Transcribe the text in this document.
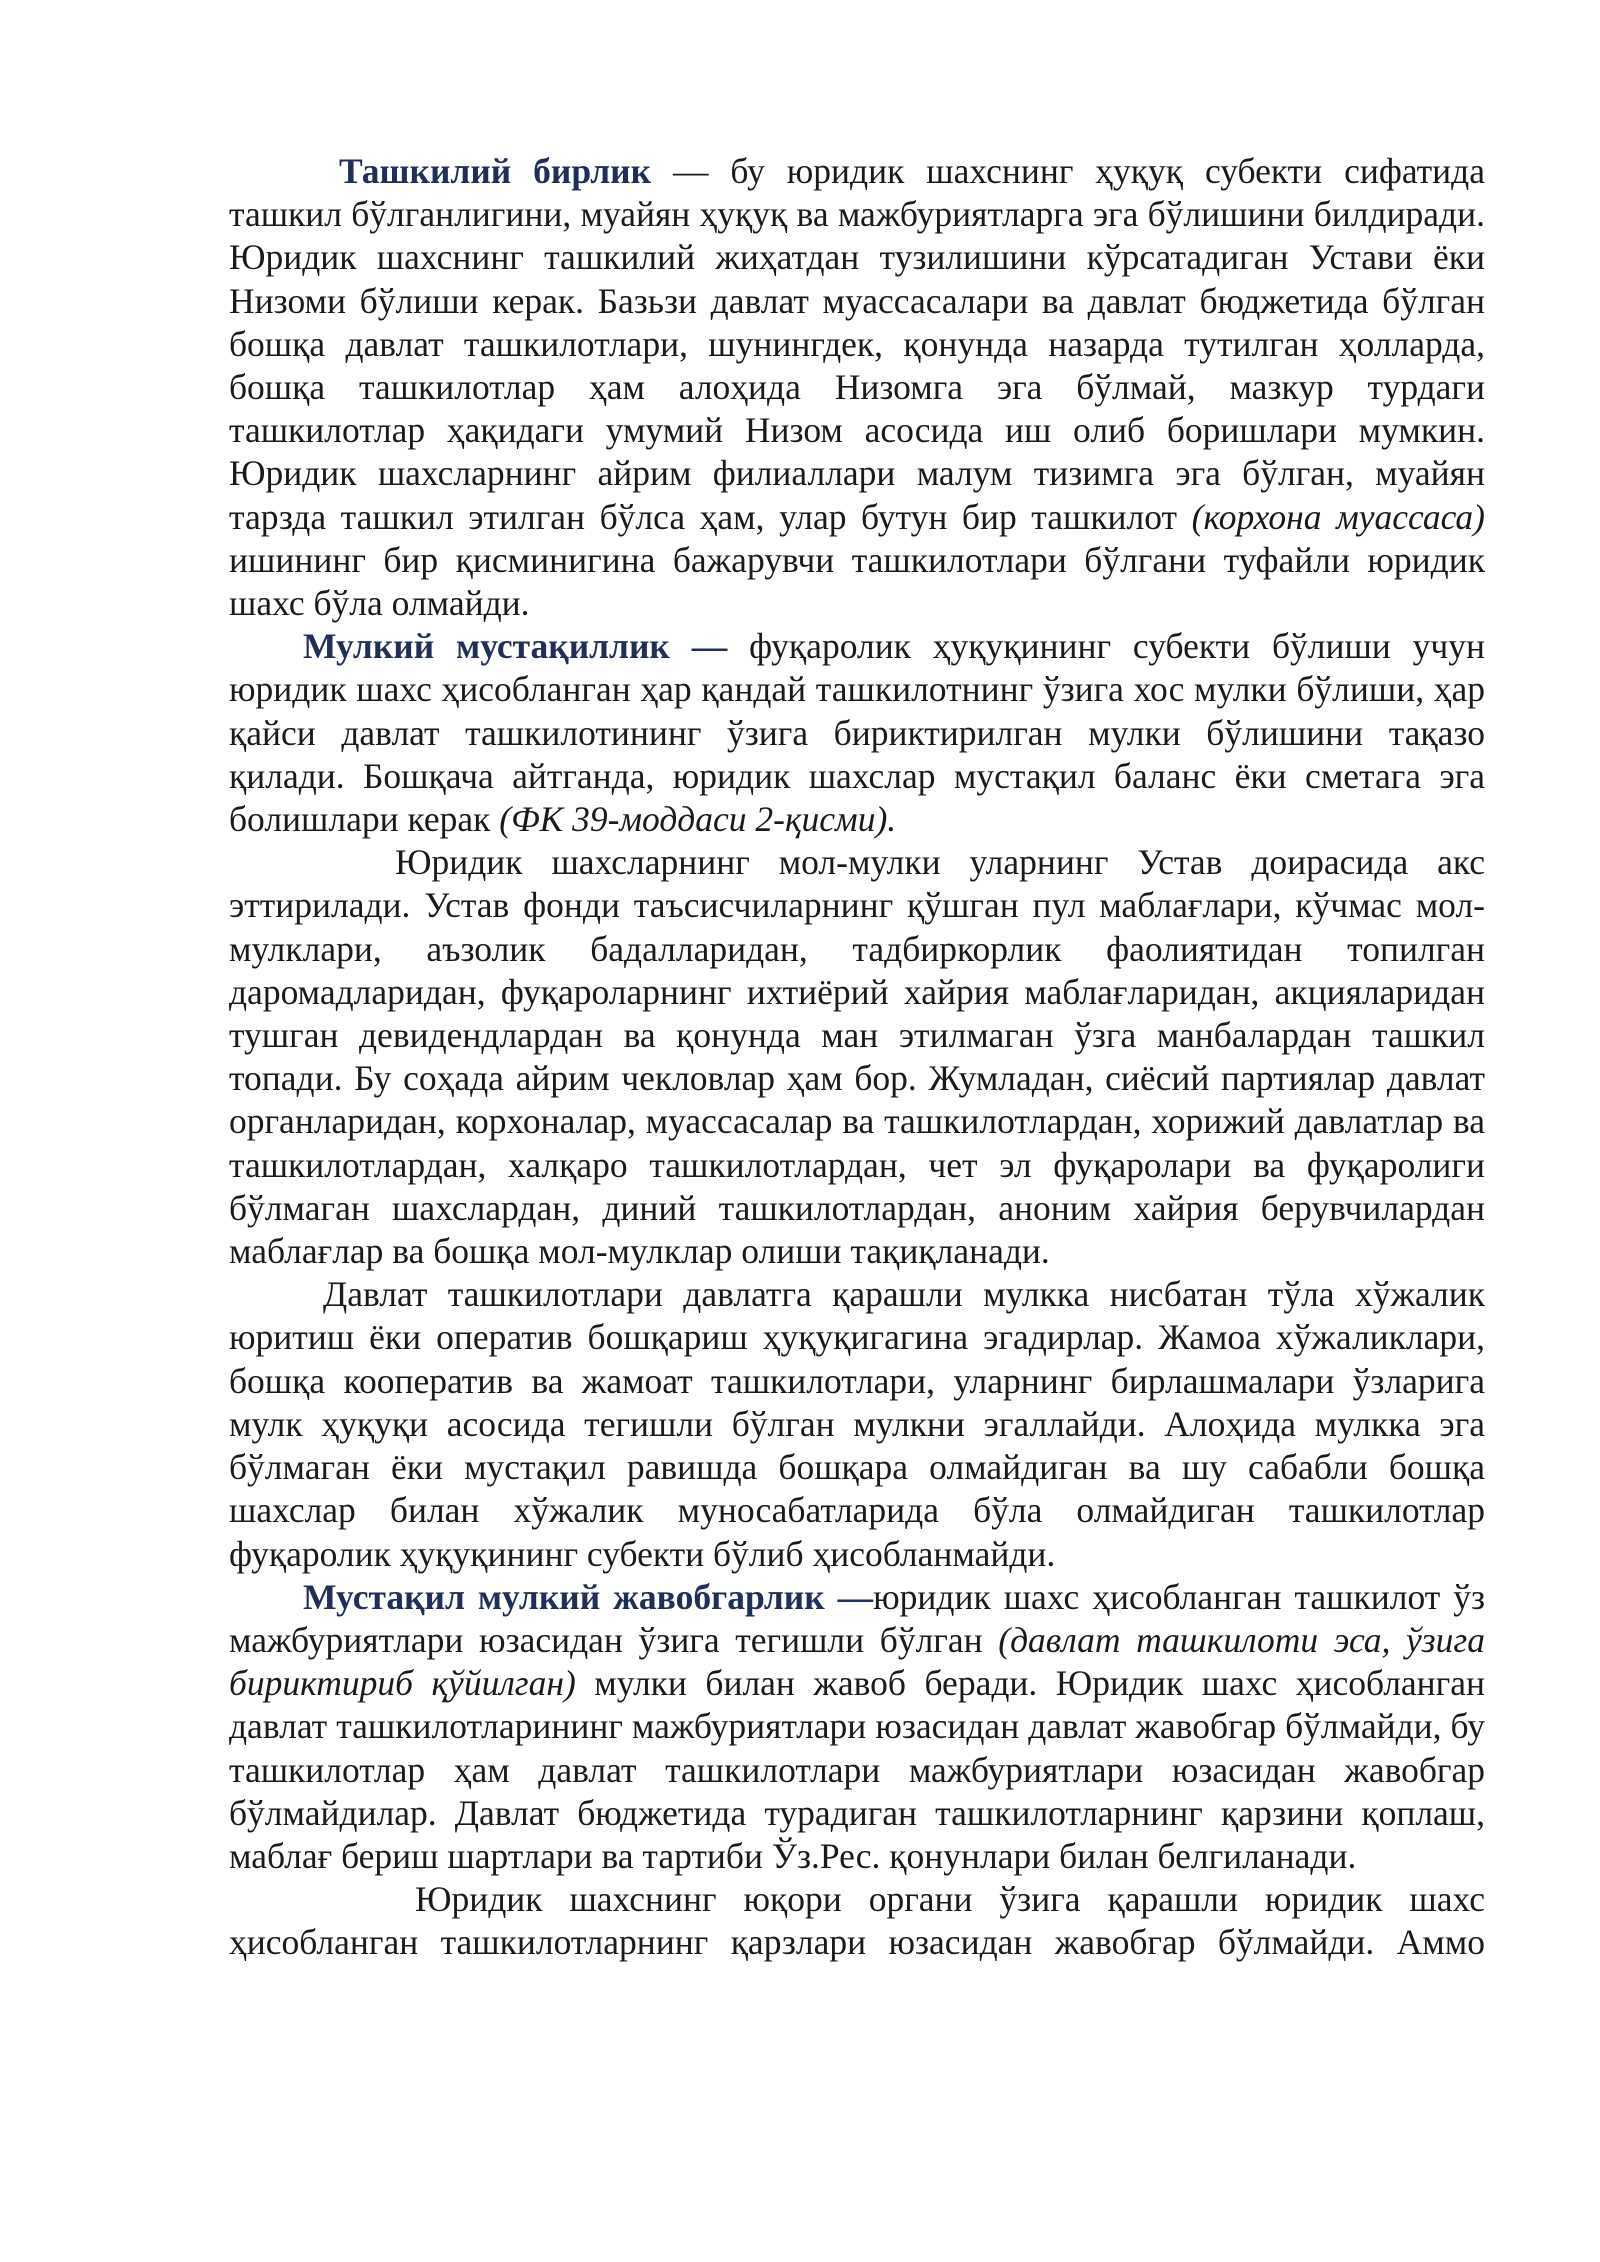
Ташкилий бирлик — бу юридик шахснинг ҳуқуқ субекти сифатида ташкил бўлганлигини, муайян ҳуқуқ ва мажбуриятларга эга бўлишини билдиради. Юридик шахснинг ташкилий жиҳатдан тузилишини кўрсатадиган Устави ёки Низоми бўлиши керак. Базьзи давлат муассасалари ва давлат бюджетида бўлган бошқа давлат ташкилотлари, шунингдек, қонунда назарда тутилган ҳолларда, бошқа ташкилотлар ҳам алоҳида Низомга эга бўлмай, мазкур турдаги ташкилотлар ҳақидаги умумий Низом асосида иш олиб боришлари мумкин. Юридик шахсларнинг айрим филиаллари малум тизимга эга бўлган, муайян тарзда ташкил этилган бўлса ҳам, улар бутун бир ташкилот (корхона муассаса) ишининг бир қисминигина бажарувчи ташкилотлари бўлгани туфайли юридик шахс бўла олмайди.

Мулкий мустақиллик — фуқаролик ҳуқуқининг субекти бўлиши учун юридик шахс ҳисобланган ҳар қандай ташкилотнинг ўзига хос мулки бўлиши, ҳар қайси давлат ташкилотининг ўзига бириктирилган мулки бўлишини тақазо қилади. Бошқача айтганда, юридик шахслар мустақил баланс ёки сметага эга болишлари керак (ФК 39-моддаси 2-қисми).

Юридик шахсларнинг мол-мулки уларнинг Устав доирасида акс эттирилади. Устав фонди таъсисчиларнинг қўшган пул маблағлари, кўчмас мол-мулклари, аъзолик бадалларидан, тадбиркорлик фаолиятидан топилган даромадларидан, фуқароларнинг ихтиёрий хайрия маблағларидан, акцияларидан тушган девидендлардан ва қонунда ман этилмаган ўзга манбалардан ташкил топади. Бу соҳада айрим чекловлар ҳам бор. Жумладан, сиёсий партиялар давлат органларидан, корхоналар, муассасалар ва ташкилотлардан, хорижий давлатлар ва ташкилотлардан, халқаро ташкилотлардан, чет эл фуқаролари ва фуқаролиги бўлмаган шахслардан, диний ташкилотлардан, аноним хайрия берувчилардан маблағлар ва бошқа мол-мулклар олиши тақиқланади.

Давлат ташкилотлари давлатга қарашли мулкка нисбатан тўла хўжалик юритиш ёки оператив бошқариш ҳуқуқигагина эгадирлар. Жамоа хўжаликлари, бошқа кооператив ва жамоат ташкилотлари, уларнинг бирлашмалари ўзларига мулк ҳуқуқи асосида тегишли бўлган мулкни эгаллайди. Алоҳида мулкка эга бўлмаган ёки мустақил равишда бошқара олмайдиган ва шу сабабли бошқа шахслар билан хўжалик муносабатларида бўла олмайдиган ташкилотлар фуқаролик ҳуқуқининг субекти бўлиб ҳисобланмайди.

Мустақил мулкий жавобгарлик —юридик шахс ҳисобланган ташкилот ўз мажбуриятлари юзасидан ўзига тегишли бўлган (давлат ташкилоти эса, ўзига бириктириб қўйилган) мулки билан жавоб беради. Юридик шахс ҳисобланган давлат ташкилотларининг мажбуриятлари юзасидан давлат жавобгар бўлмайди, бу ташкилотлар ҳам давлат ташкилотлари мажбуриятлари юзасидан жавобгар бўлмайдилар. Давлат бюджетида турадиган ташкилотларнинг қарзини қоплаш, маблағ бериш шартлари ва тартиби Ўз.Рес. қонунлари билан белгиланади.

Юридик шахснинг юқори органи ўзига қарашли юридик шахс ҳисобланган ташкилотларнинг қарзлари юзасидан жавобгар бўлмайди. Аммо
